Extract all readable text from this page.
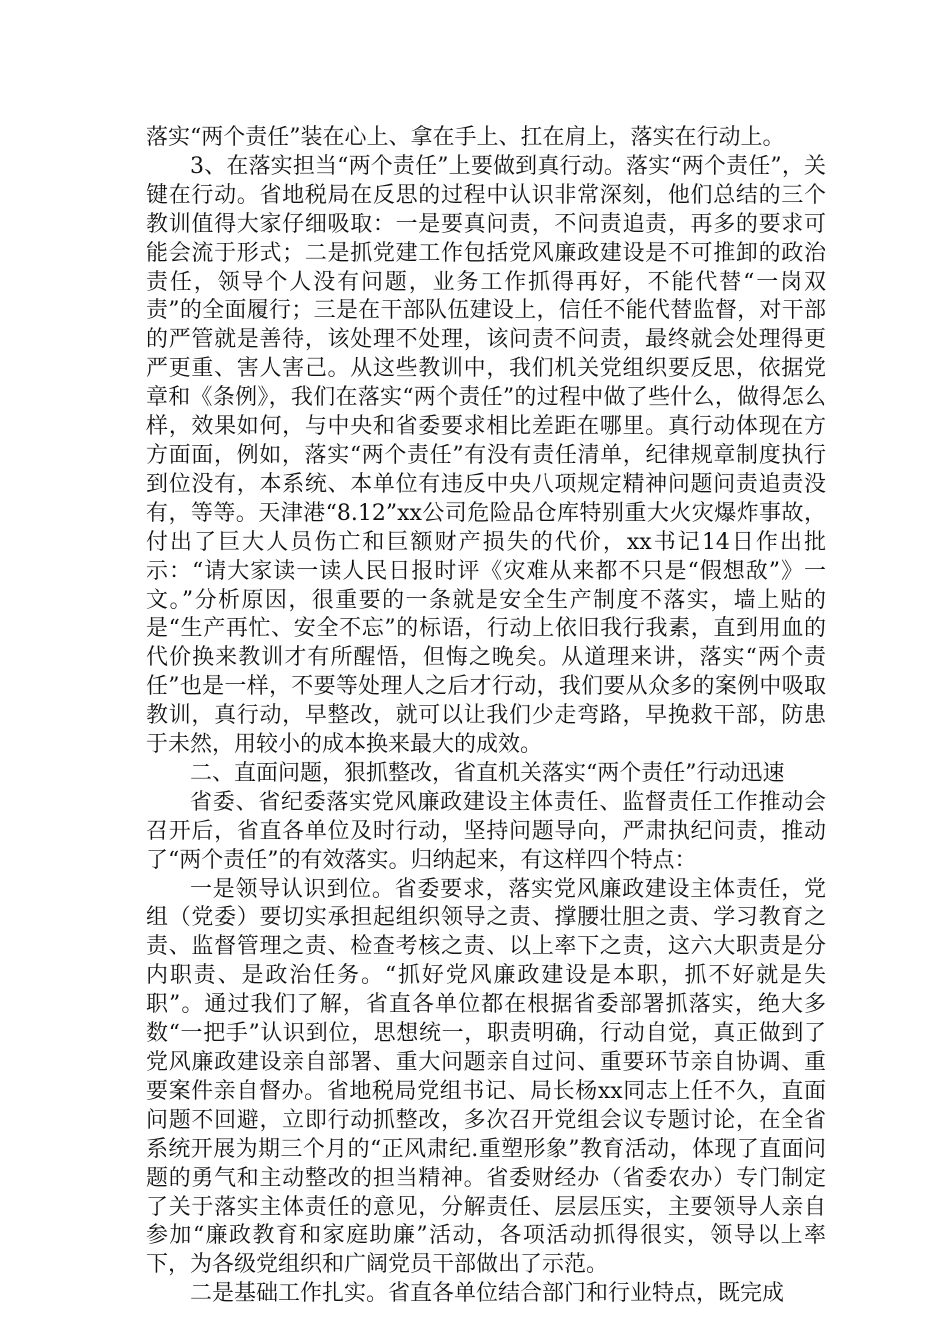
落实“两个责任”装在心上、拿在手上、扛在肩上，落实在行动上。

3、在落实担当“两个责任”上要做到真行动。落实“两个责任”，关键在行动。省地税局在反思的过程中认识非常深刻，他们总结的三个教训值得大家仔细吸取：一是要真问责，不问责追责，再多的要求可能会流于形式；二是抓党建工作包括党风廉政建设是不可推卸的政治责任，领导个人没有问题，业务工作抓得再好，不能代替“一岗双责”的全面履行；三是在干部队伍建设上，信任不能代替监督，对干部的严管就是善待，该处理不处理，该问责不问责，最终就会处理得更严更重、害人害己。从这些教训中，我们机关党组织要反思，依据党章和《条例》，我们在落实“两个责任”的过程中做了些什么，做得怎么样，效果如何，与中央和省委要求相比差距在哪里。真行动体现在方方面面，例如，落实“两个责任”有没有责任清单，纪律规章制度执行到位没有，本系统、本单位有违反中央八项规定精神问题问责追责没有，等等。天津港“8.12”xx公司危险品仓库特别重大火灾爆炸事故，付出了巨大人员伤亡和巨额财产损失的代价，xx书记14日作出批示：“请大家读一读人民日报时评《灾难从来都不只是“假想敌”》一文。”分析原因，很重要的一条就是安全生产制度不落实，墙上贴的是“生产再忙、安全不忘”的标语，行动上依旧我行我素，直到用血的代价换来教训才有所醒悟，但悔之晚矣。从道理来讲，落实“两个责任”也是一样，不要等处理人之后才行动，我们要从众多的案例中吸取教训，真行动，早整改，就可以让我们少走弯路，早挽救干部，防患于未然，用较小的成本换来最大的成效。

二、直面问题，狠抓整改，省直机关落实“两个责任”行动迅速

省委、省纪委落实党风廉政建设主体责任、监督责任工作推动会召开后，省直各单位及时行动，坚持问题导向，严肃执纪问责，推动了“两个责任”的有效落实。归纳起来，有这样四个特点：

一是领导认识到位。省委要求，落实党风廉政建设主体责任，党组（党委）要切实承担起组织领导之责、撑腰壮胆之责、学习教育之责、监督管理之责、检查考核之责、以上率下之责，这六大职责是分内职责、是政治任务。“抓好党风廉政建设是本职，抓不好就是失职”。通过我们了解，省直各单位都在根据省委部署抓落实，绝大多数“一把手”认识到位，思想统一，职责明确，行动自觉，真正做到了党风廉政建设亲自部署、重大问题亲自过问、重要环节亲自协调、重要案件亲自督办。省地税局党组书记、局长杨xx同志上任不久，直面问题不回避，立即行动抓整改，多次召开党组会议专题讨论，在全省系统开展为期三个月的“正风肃纪.重塑形象”教育活动，体现了直面问题的勇气和主动整改的担当精神。省委财经办（省委农办）专门制定了关于落实主体责任的意见，分解责任、层层压实，主要领导人亲自参加“廉政教育和家庭助廉”活动，各项活动抓得很实，领导以上率下，为各级党组织和广阔党员干部做出了示范。

二是基础工作扎实。省直各单位结合部门和行业特点，既完成
